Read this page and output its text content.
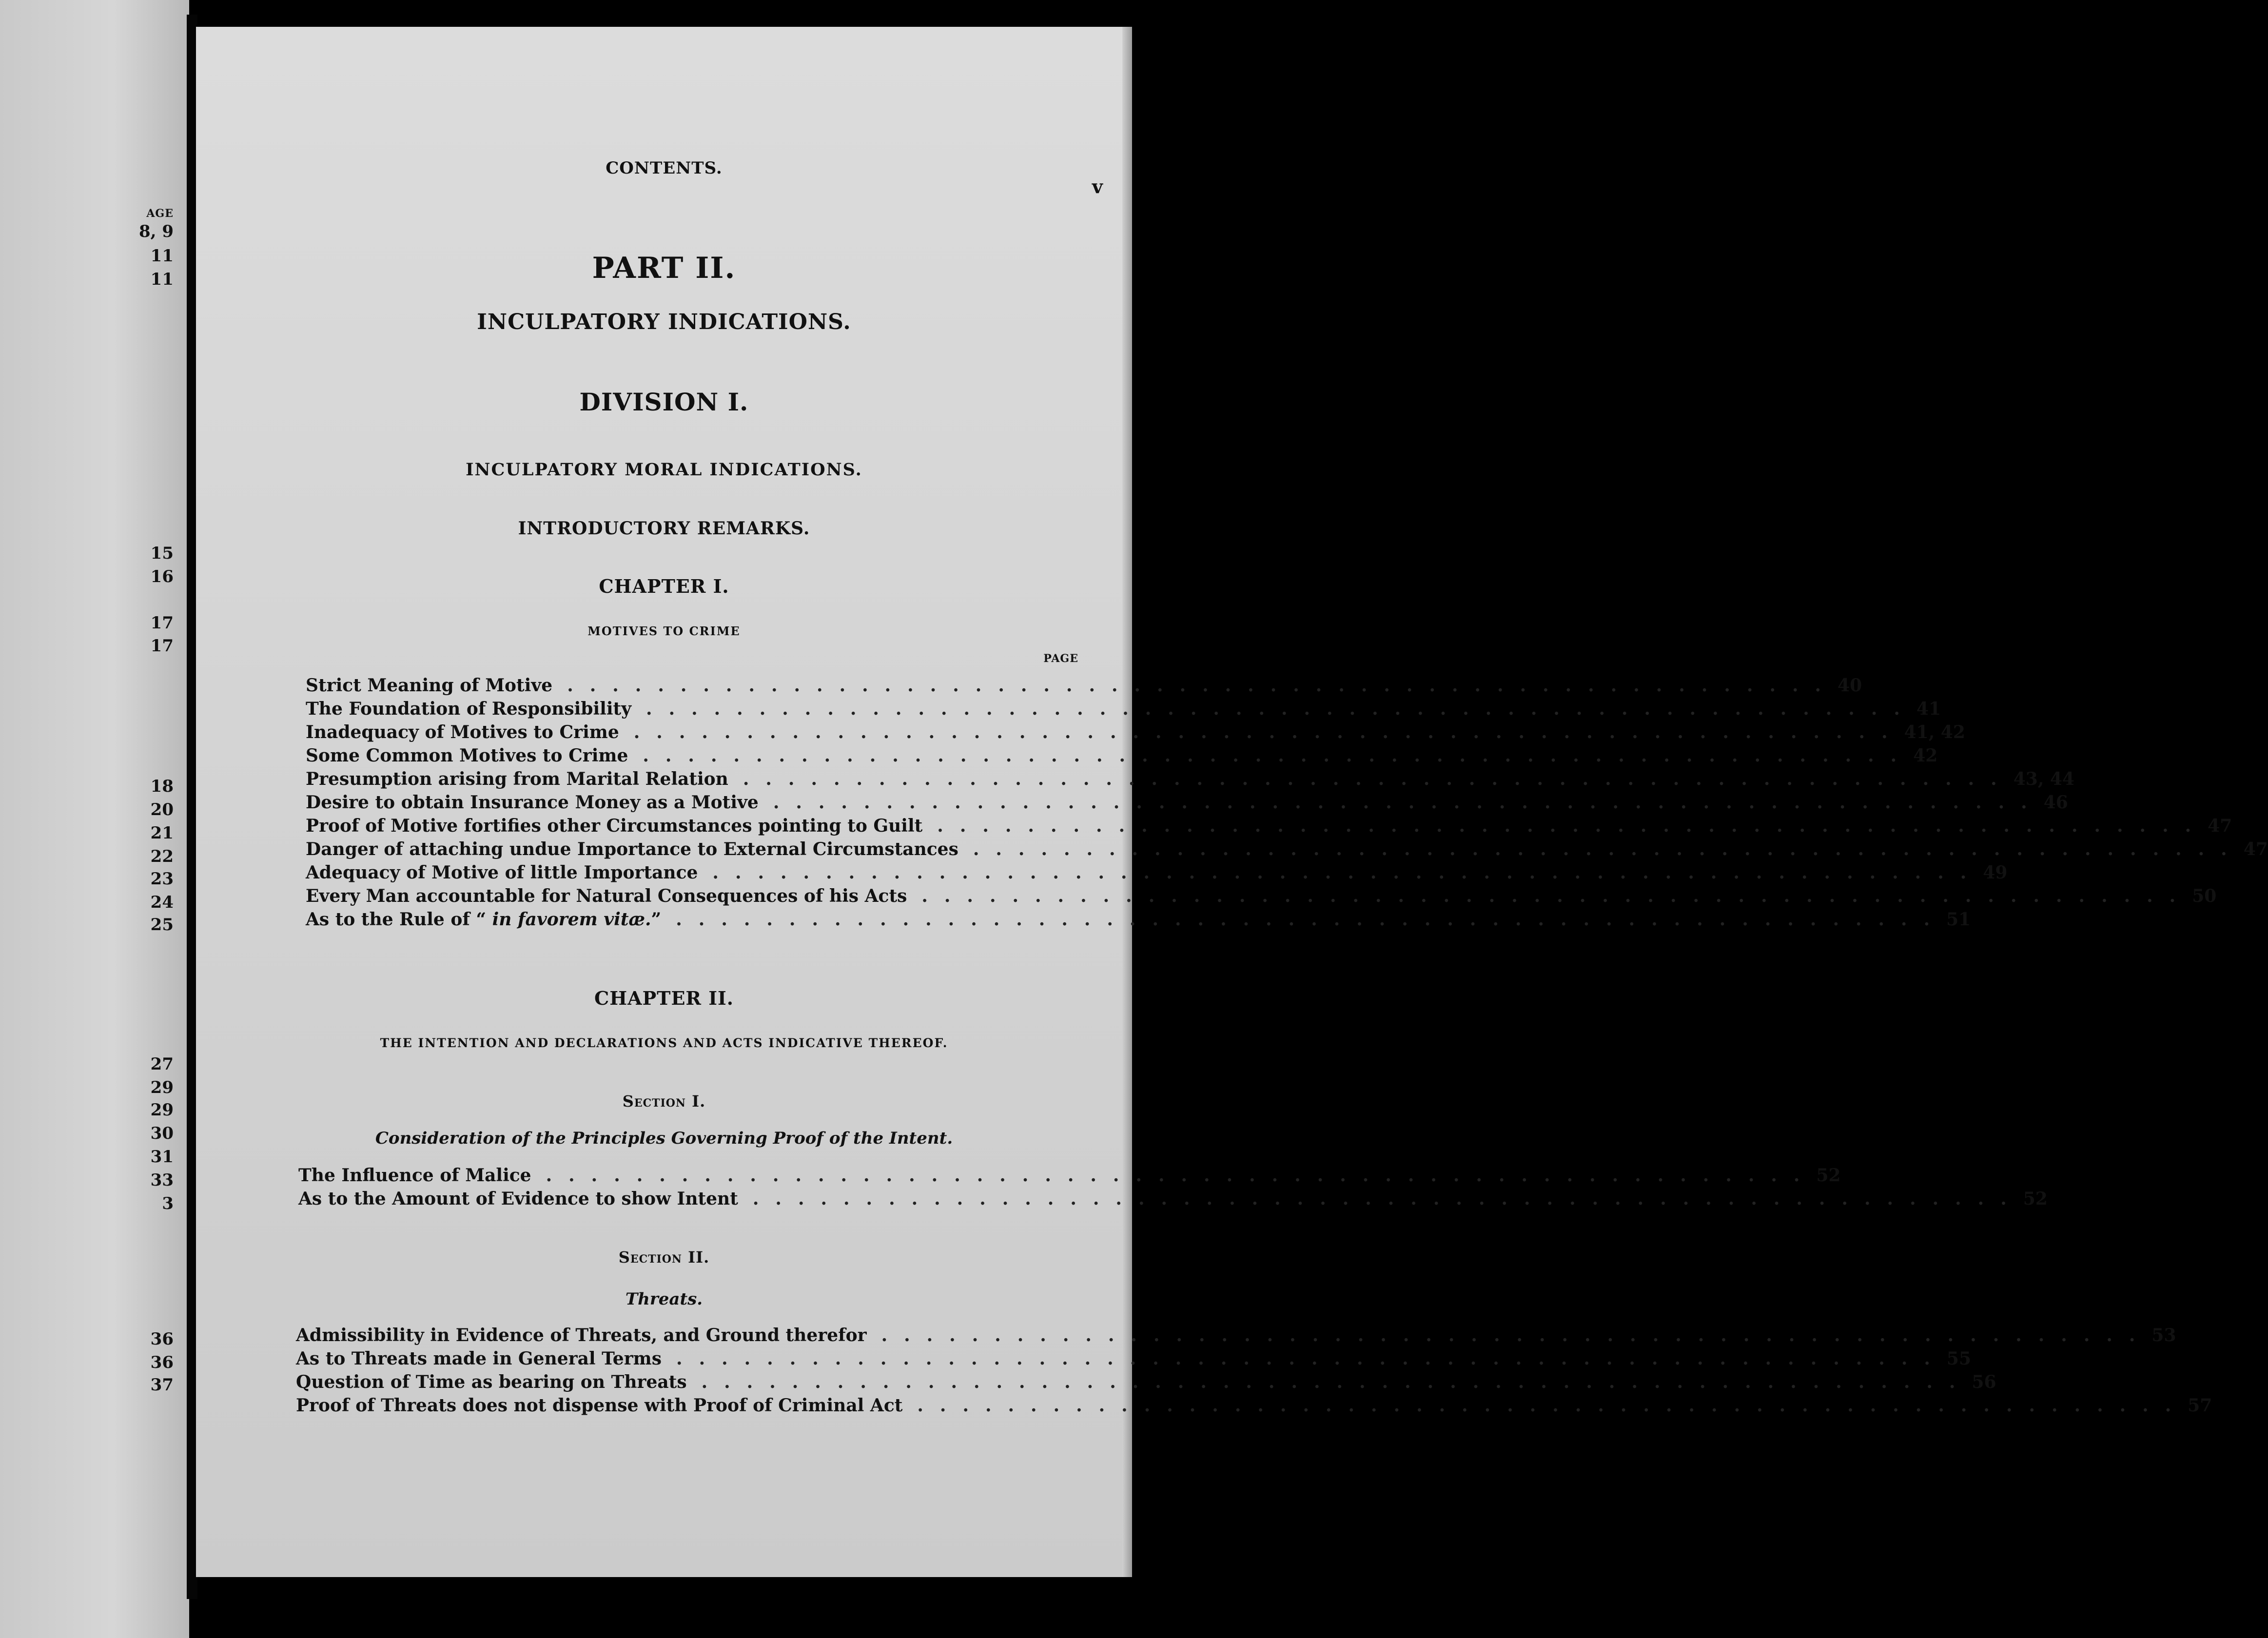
AGE
8, 9
11
11
15
16
17
17
18
20
21
22
23
24
25
27
29
29
30
31
33
3
36
36
37
CONTENTS.
v
PART II.
INCULPATORY INDICATIONS.
DIVISION I.
INCULPATORY MORAL INDICATIONS.
INTRODUCTORY REMARKS.
CHAPTER I.
MOTIVES TO CRIME
PAGE
Strict Meaning of Motive ........................................................ 40
The Foundation of Responsibility ........................................................ 41
Inadequacy of Motives to Crime ........................................................ 41, 42
Some Common Motives to Crime ........................................................ 42
Presumption arising from Marital Relation ........................................................ 43, 44
Desire to obtain Insurance Money as a Motive ........................................................ 46
Proof of Motive fortifies other Circumstances pointing to Guilt ........................................................ 47
Danger of attaching undue Importance to External Circumstances ........................................................ 47
Adequacy of Motive of little Importance ........................................................ 49
Every Man accountable for Natural Consequences of his Acts ........................................................ 50
As to the Rule of “ in favorem vitæ.” ........................................................ 51
CHAPTER II.
THE INTENTION AND DECLARATIONS AND ACTS INDICATIVE THEREOF.
Section I.
Consideration of the Principles Governing Proof of the Intent.
The Influence of Malice ........................................................ 52
As to the Amount of Evidence to show Intent ........................................................ 52
Section II.
Threats.
Admissibility in Evidence of Threats, and Ground therefor ........................................................ 53
As to Threats made in General Terms ........................................................ 55
Question of Time as bearing on Threats ........................................................ 56
Proof of Threats does not dispense with Proof of Criminal Act ........................................................ 57
